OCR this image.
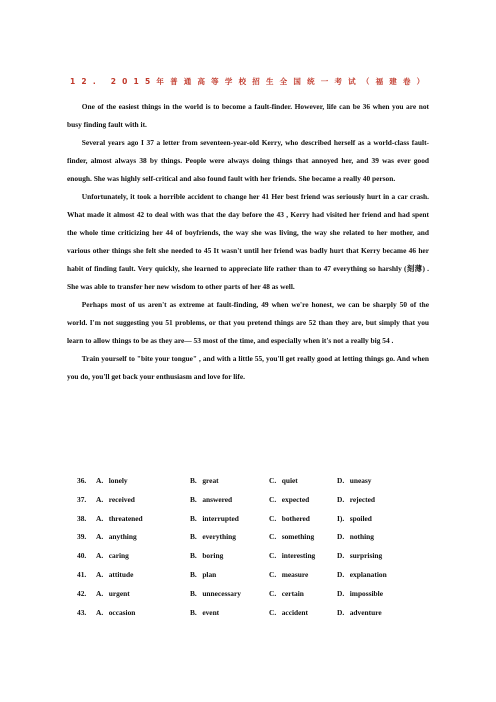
12. 2015年普通高等学校招生全国统一考试（福建卷）

One of the easiest things in the world is to become a fault-finder. However, life can be 36 when you are not busy finding fault with it.

Several years ago I 37 a letter from seventeen-year-old Kerry, who described herself as a world-class fault-finder, almost always 38 by things. People were always doing things that annoyed her, and 39 was ever good enough. She was highly self-critical and also found fault with her friends. She became a really 40 person.

Unfortunately, it took a horrible accident to change her 41 Her best friend was seriously hurt in a car crash. What made it almost 42 to deal with was that the day before the 43 , Kerry had visited her friend and had spent the whole time criticizing her 44 of boyfriends, the way she was living, the way she related to her mother, and various other things she felt she needed to 45 It wasn't until her friend was badly hurt that Kerry became 46 her habit of finding fault. Very quickly, she learned to appreciate life rather than to 47 everything so harshly (刻薄) . She was able to transfer her new wisdom to other parts of her 48 as well.

Perhaps most of us aren't as extreme at fault-finding, 49 when we're honest, we can be sharply 50 of the world. I'm not suggesting you 51 problems, or that you pretend things are 52 than they are, but simply that you learn to allow things to be as they are— 53 most of the time, and especially when it's not a really big 54 .

Train yourself to "bite your tongue" , and with a little 55, you'll get really good at letting things go. And when you do, you'll get back your enthusiasm and love for life.

36. A.   lonely	B.   great	C.   quiet	D.   uneasy
37. A.   received	B.   answered	C.   expected	D.   rejected
38. A.   threatened	B.   interrupted	C.   bothered	I).   spoiled
39. A.   anything	B.   everything	C.   something	D.   nothing
40. A.   caring	B.   boring	C.   interesting	D.   surprising
41. A.   attitude	B.   plan	C.   measure	D.   explanation
42. A.   urgent	B.   unnecessary	C.   certain	D.   impossible
43. A.   occasion	B.   event	C.   accident	D.   adventure
